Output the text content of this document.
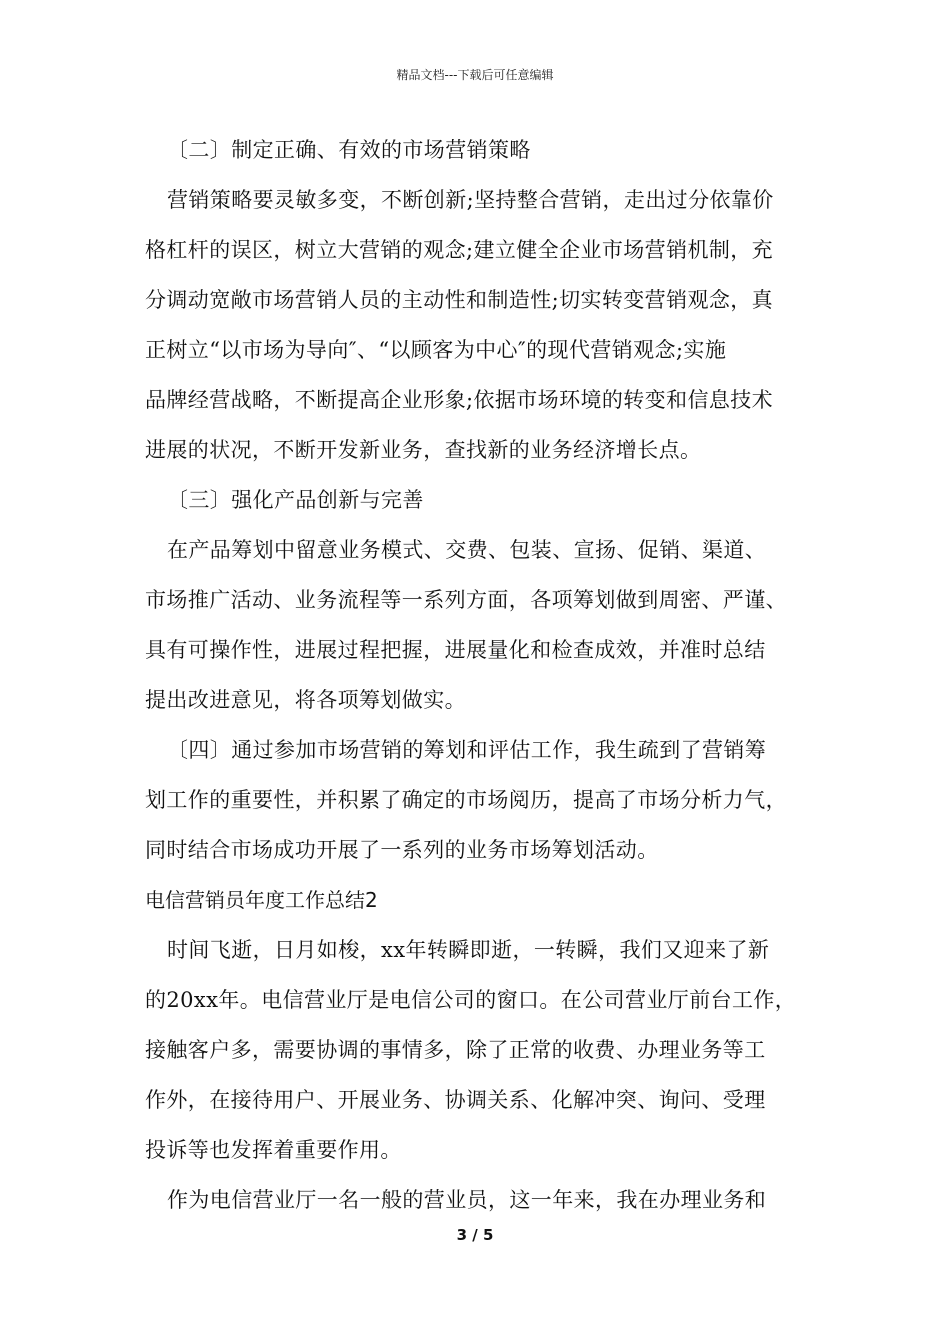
精品文档---下载后可任意编辑

〔二〕制定正确、有效的市场营销策略

营销策略要灵敏多变，不断创新;坚持整合营销，走出过分依靠价

格杠杆的误区，树立大营销的观念;建立健全企业市场营销机制，充

分调动宽敞市场营销人员的主动性和制造性;切实转变营销观念，真

正树立“以市场为导向″、“以顾客为中心″的现代营销观念;实施

品牌经营战略，不断提高企业形象;依据市场环境的转变和信息技术

进展的状况，不断开发新业务，查找新的业务经济增长点。

〔三〕强化产品创新与完善

在产品筹划中留意业务模式、交费、包装、宣扬、促销、渠道、

市场推广活动、业务流程等一系列方面，各项筹划做到周密、严谨、

具有可操作性，进展过程把握，进展量化和检查成效，并准时总结

提出改进意见，将各项筹划做实。

〔四〕通过参加市场营销的筹划和评估工作，我生疏到了营销筹

划工作的重要性，并积累了确定的市场阅历，提高了市场分析力气，

同时结合市场成功开展了一系列的业务市场筹划活动。

电信营销员年度工作总结2

时间飞逝，日月如梭，xx年转瞬即逝，一转瞬，我们又迎来了新

的20xx年。电信营业厅是电信公司的窗口。在公司营业厅前台工作，

接触客户多，需要协调的事情多，除了正常的收费、办理业务等工

作外，在接待用户、开展业务、协调关系、化解冲突、询问、受理

投诉等也发挥着重要作用。

作为电信营业厅一名一般的营业员，这一年来，我在办理业务和

3 / 5
